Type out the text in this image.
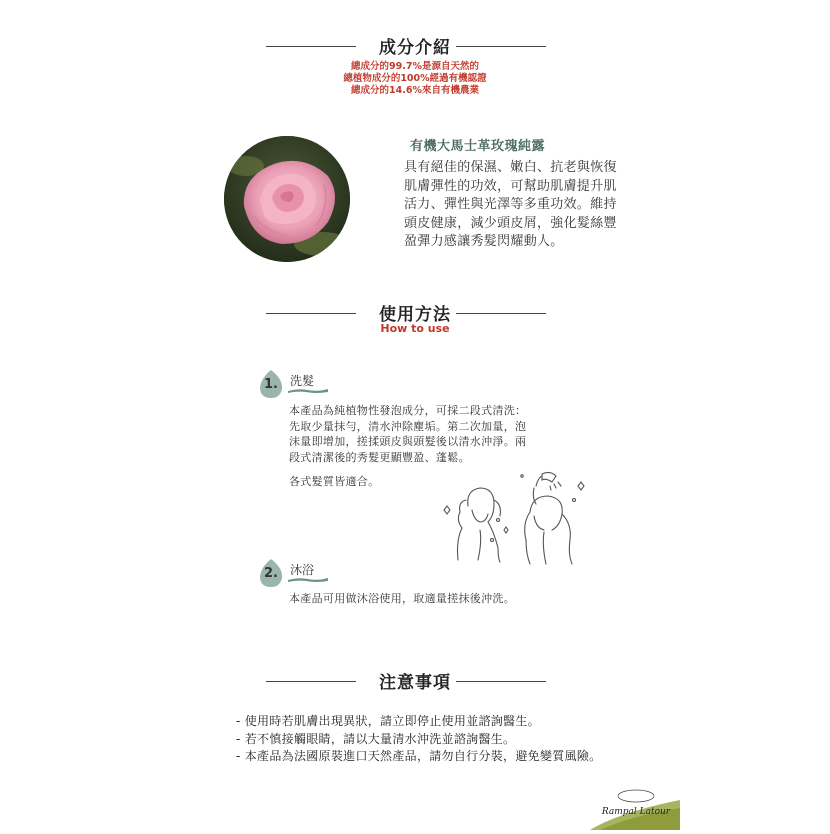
成分介紹
總成分的99.7%是源自天然的
總植物成分的100%經過有機認證
總成分的14.6%來自有機農業
有機大馬士革玫瑰純露
具有絕佳的保濕、嫩白、抗老與恢復
肌膚彈性的功效，可幫助肌膚提升肌
活力、彈性與光澤等多重功效。維持
頭皮健康，減少頭皮屑，強化髮絲豐
盈彈力感讓秀髮閃耀動人。
使用方法
How to use
1.	洗髮
本產品為純植物性發泡成分，可採二段式清洗：
先取少量抹勻，清水沖除塵垢。第二次加量，泡
沫量即增加，搓揉頭皮與頭髮後以清水沖淨。兩
段式清潔後的秀髮更顯豐盈、蓬鬆。
各式髮質皆適合。
2.	沐浴
本產品可用做沐浴使用，取適量搓抹後沖洗。
注意事項
- 使用時若肌膚出現異狀，請立即停止使用並諮詢醫生。
- 若不慎接觸眼睛，請以大量清水沖洗並諮詢醫生。
- 本產品為法國原裝進口天然產品，請勿自行分裝，避免變質風險。
Rampal Latour
